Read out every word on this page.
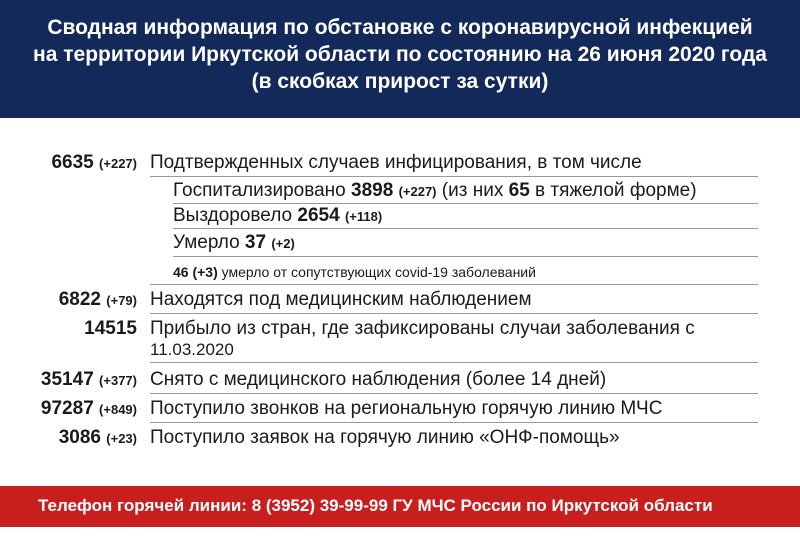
Сводная информация по обстановке с коронавирусной инфекцией
на территории Иркутской области по состоянию на 26 июня 2020 года
(в скобках прирост за сутки)
6635 (+227) Подтвержденных случаев инфицирования, в том числе
Госпитализировано 3898 (+227) (из них 65 в тяжелой форме)
Выздоровело 2654 (+118)
Умерло 37 (+2)
46 (+3) умерло от сопутствующих covid-19 заболеваний
6822 (+79) Находятся под медицинским наблюдением
14515 Прибыло из стран, где зафиксированы случаи заболевания с
11.03.2020
35147 (+377) Снято с медицинского наблюдения (более 14 дней)
97287 (+849) Поступило звонков на региональную горячую линию МЧС
3086 (+23) Поступило заявок на горячую линию «ОНФ-помощь»
Телефон горячей линии: 8 (3952) 39-99-99 ГУ МЧС России по Иркутской области
